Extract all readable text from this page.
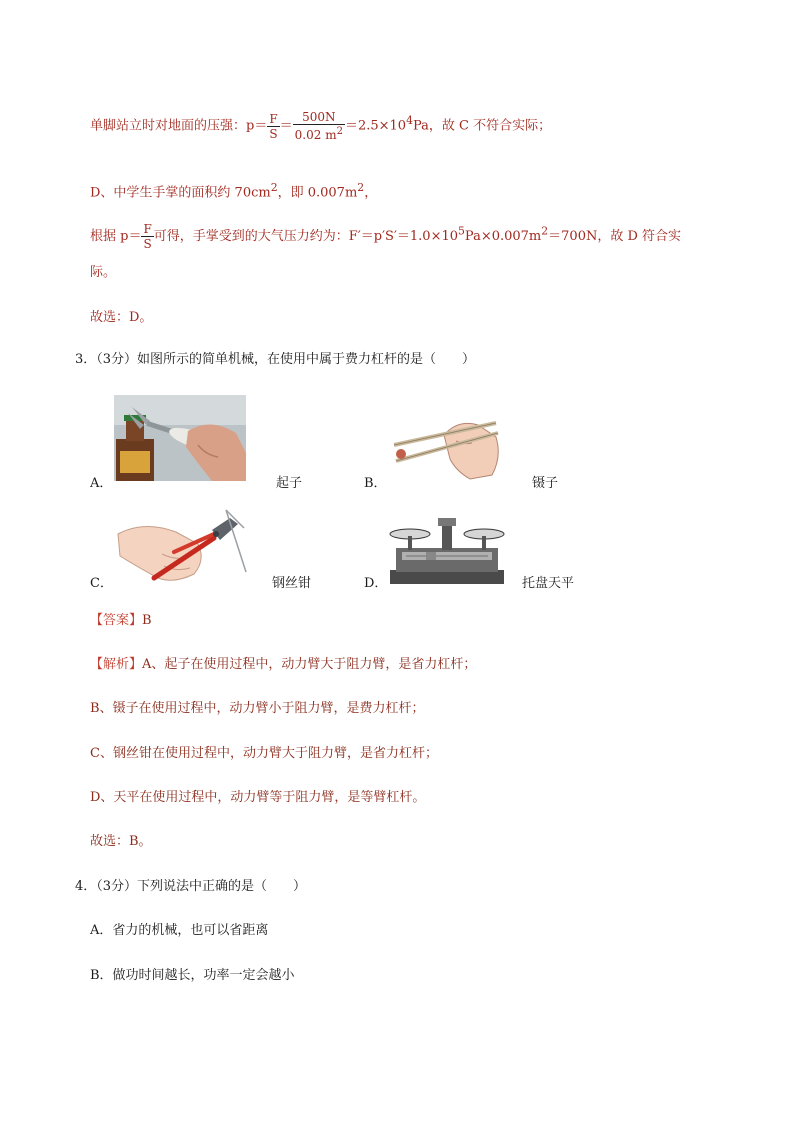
单脚站立时对地面的压强：$p= \frac{F}{S} = \frac{500N}{0.02 m^2} =2.5\times 10^4Pa$，故 C 不符合实际；
D、中学生手掌的面积约 $70cm^2$，即 $0.007m^2$，
根据 $p= \frac{F}{S}$ 可得，手掌受到的大气压力约为：$F'=p'S'=1.0\times 10^5Pa\times 0.007m^2=700N$，故 D 符合实
际。
故选：D。
3．（3分）如图所示的简单机械，在使用中属于费力杠杆的是（　　）
A．	起子	B．	镊子
C．	钢丝钳	D．	托盘天平
【答案】B
【解析】A、起子在使用过程中，动力臂大于阻力臂，是省力杠杆；
B、镊子在使用过程中，动力臂小于阻力臂，是费力杠杆；
C、钢丝钳在使用过程中，动力臂大于阻力臂，是省力杠杆；
D、天平在使用过程中，动力臂等于阻力臂，是等臂杠杆。
故选：B。
4．（3分）下列说法中正确的是（　　）
A．省力的机械，也可以省距离
B．做功时间越长，功率一定会越小
